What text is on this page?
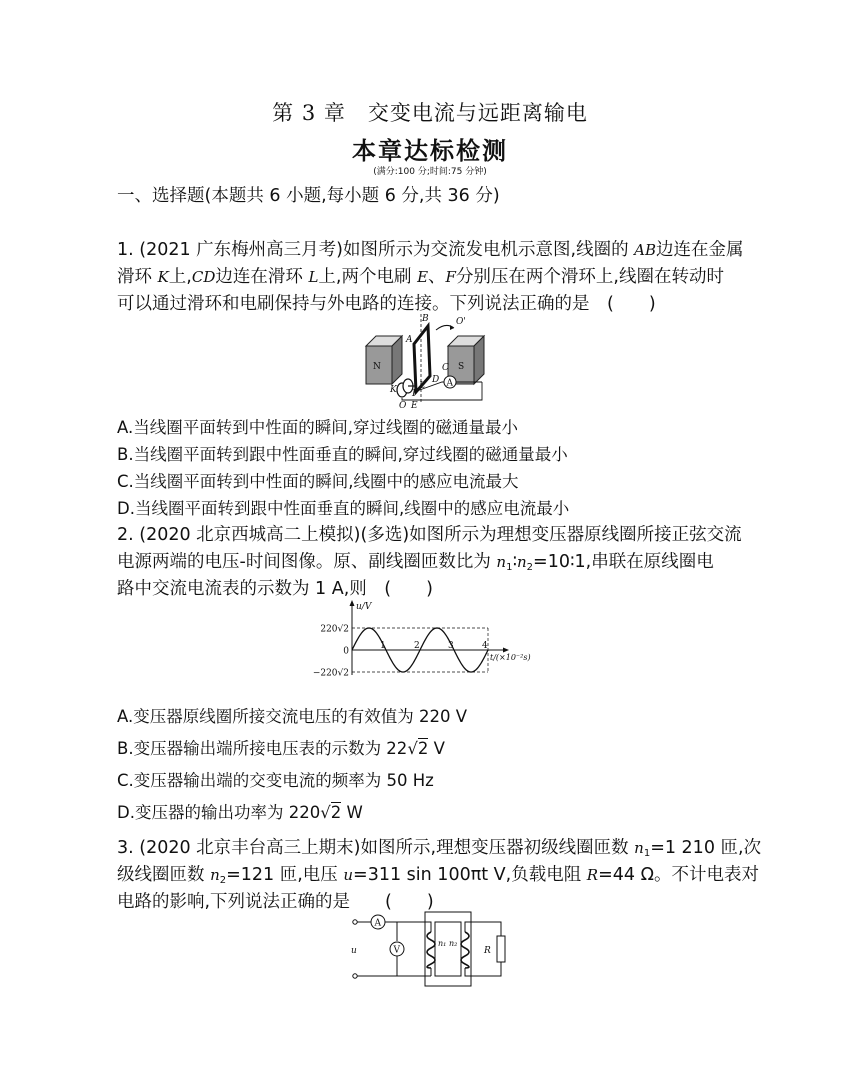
第 3 章　交变电流与远距离输电
本章达标检测
(满分:100 分;时间:75 分钟)
一、选择题(本题共 6 小题,每小题 6 分,共 36 分)
1. (2021 广东梅州高三月考)如图所示为交流发电机示意图,线圈的 AB边连在金属
滑环 K上,CD边连在滑环 L上,两个电刷 E、F分别压在两个滑环上,线圈在转动时
可以通过滑环和电刷保持与外电路的连接。下列说法正确的是　(　　)
N	S
B	O'
A
D
C
A
K L
F
O E
A.当线圈平面转到中性面的瞬间,穿过线圈的磁通量最小
B.当线圈平面转到跟中性面垂直的瞬间,穿过线圈的磁通量最小
C.当线圈平面转到中性面的瞬间,线圈中的感应电流最大
D.当线圈平面转到跟中性面垂直的瞬间,线圈中的感应电流最小
2. (2020 北京西城高二上模拟)(多选)如图所示为理想变压器原线圈所接正弦交流
电源两端的电压-时间图像。原、副线圈匝数比为 $n_1∶n_2=10∶1$,串联在原线圈电
路中交流电流表的示数为 1 A,则　(　　)
u/V
t/(×10⁻²s)
1	2	3	4
220√2
0
−220√2
A.变压器原线圈所接交流电压的有效值为 220 V
B.变压器输出端所接电压表的示数为 22√2 V
C.变压器输出端的交变电流的频率为 50 Hz
D.变压器的输出功率为 220√2 W
3. (2020 北京丰台高三上期末)如图所示,理想变压器初级线圈匝数 $n_1=1$ 210 匝,次
级线圈匝数 $n_2=121$ 匝,电压 u=311 sin 100πt V,负载电阻 R=44 Ω。不计电表对
电路的影响,下列说法正确的是　　(　　)
u
A
V
n₁ n₂
R
